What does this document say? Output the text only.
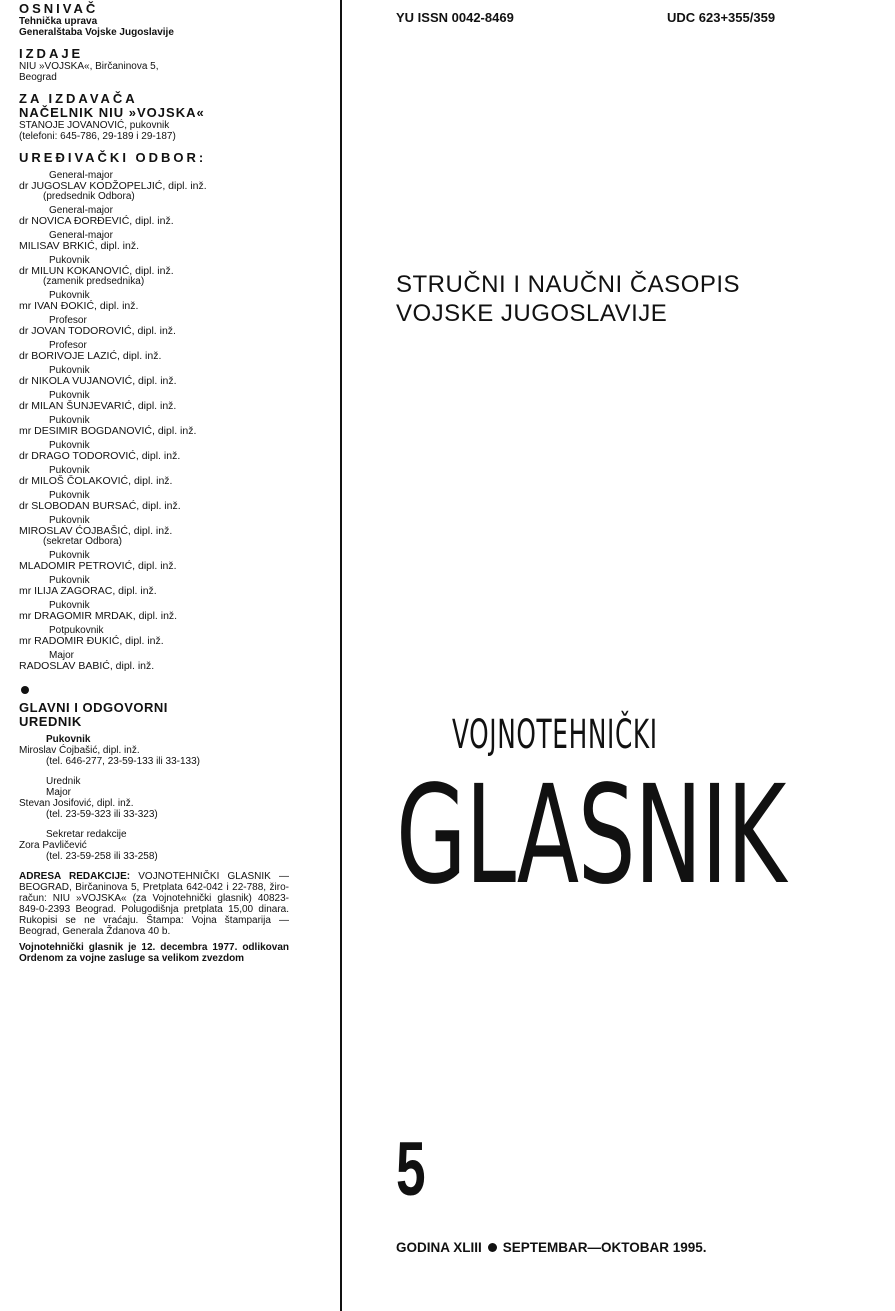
OSNIVAČ
Tehnička uprava
Generalštaba Vojske Jugoslavije
IZDAJE
NIU »VOJSKA«, Birčaninova 5,
Beograd
ZA IZDAVAČA
NAČELNIK NIU »VOJSKA«
STANOJE JOVANOVIĆ, pukovnik
(telefoni: 645-786, 29-189 i 29-187)
UREĐIVAČKI ODBOR:
General-major
dr JUGOSLAV KODŽOPELJIĆ, dipl. inž.
(predsednik Odbora)
General-major
dr NOVICA ĐORĐEVIĆ, dipl. inž.
General-major
MILISAV BRKIĆ, dipl. inž.
Pukovnik
dr MILUN KOKANOVIĆ, dipl. inž.
(zamenik predsednika)
Pukovnik
mr IVAN ĐOKIĆ, dipl. inž.
Profesor
dr JOVAN TODOROVIĆ, dipl. inž.
Profesor
dr BORIVOJE LAZIĆ, dipl. inž.
Pukovnik
dr NIKOLA VUJANOVIĆ, dipl. inž.
Pukovnik
dr MILAN ŠUNJEVARIĆ, dipl. inž.
Pukovnik
mr DESIMIR BOGDANOVIĆ, dipl. inž.
Pukovnik
dr DRAGO TODOROVIĆ, dipl. inž.
Pukovnik
dr MILOŠ ČOLAKOVIĆ, dipl. inž.
Pukovnik
dr SLOBODAN BURSAĆ, dipl. inž.
Pukovnik
MIROSLAV ĆOJBAŠIĆ, dipl. inž.
(sekretar Odbora)
Pukovnik
MLADOMIR PETROVIĆ, dipl. inž.
Pukovnik
mr ILIJA ZAGORAC, dipl. inž.
Pukovnik
mr DRAGOMIR MRDAK, dipl. inž.
Potpukovnik
mr RADOMIR ĐUKIĆ, dipl. inž.
Major
RADOSLAV BABIĆ, dipl. inž.
GLAVNI I ODGOVORNI
UREDNIK
Pukovnik
Miroslav Ćojbašić, dipl. inž.
(tel. 646-277, 23-59-133 ili 33-133)
Urednik
Major
Stevan Josifović, dipl. inž.
(tel. 23-59-323 ili 33-323)
Sekretar redakcije
Zora Pavličević
(tel. 23-59-258 ili 33-258)
ADRESA REDAKCIJE: VOJNOTEHNIČKI GLASNIK — BEOGRAD, Birčaninova 5, Pretplata 642-042 i 22-788, žiro-račun: NIU »VOJSKA« (za Vojnotehnički glasnik) 40823-849-0-2393 Beograd. Polugodišnja pretplata 15,00 dinara. Rukopisi se ne vraćaju. Štampa: Vojna štamparija — Beograd, Generala Ždanova 40 b.
Vojnotehnički glasnik je 12. decembra 1977. odlikovan Ordenom za vojne zasluge sa velikom zvezdom
YU ISSN 0042-8469	UDC 623+355/359
STRUČNI I NAUČNI ČASOPIS
VOJSKE JUGOSLAVIJE
VOJNOTEHNIČKI
GLASNIK
5
GODINA XLIII SEPTEMBAR—OKTOBAR 1995.
